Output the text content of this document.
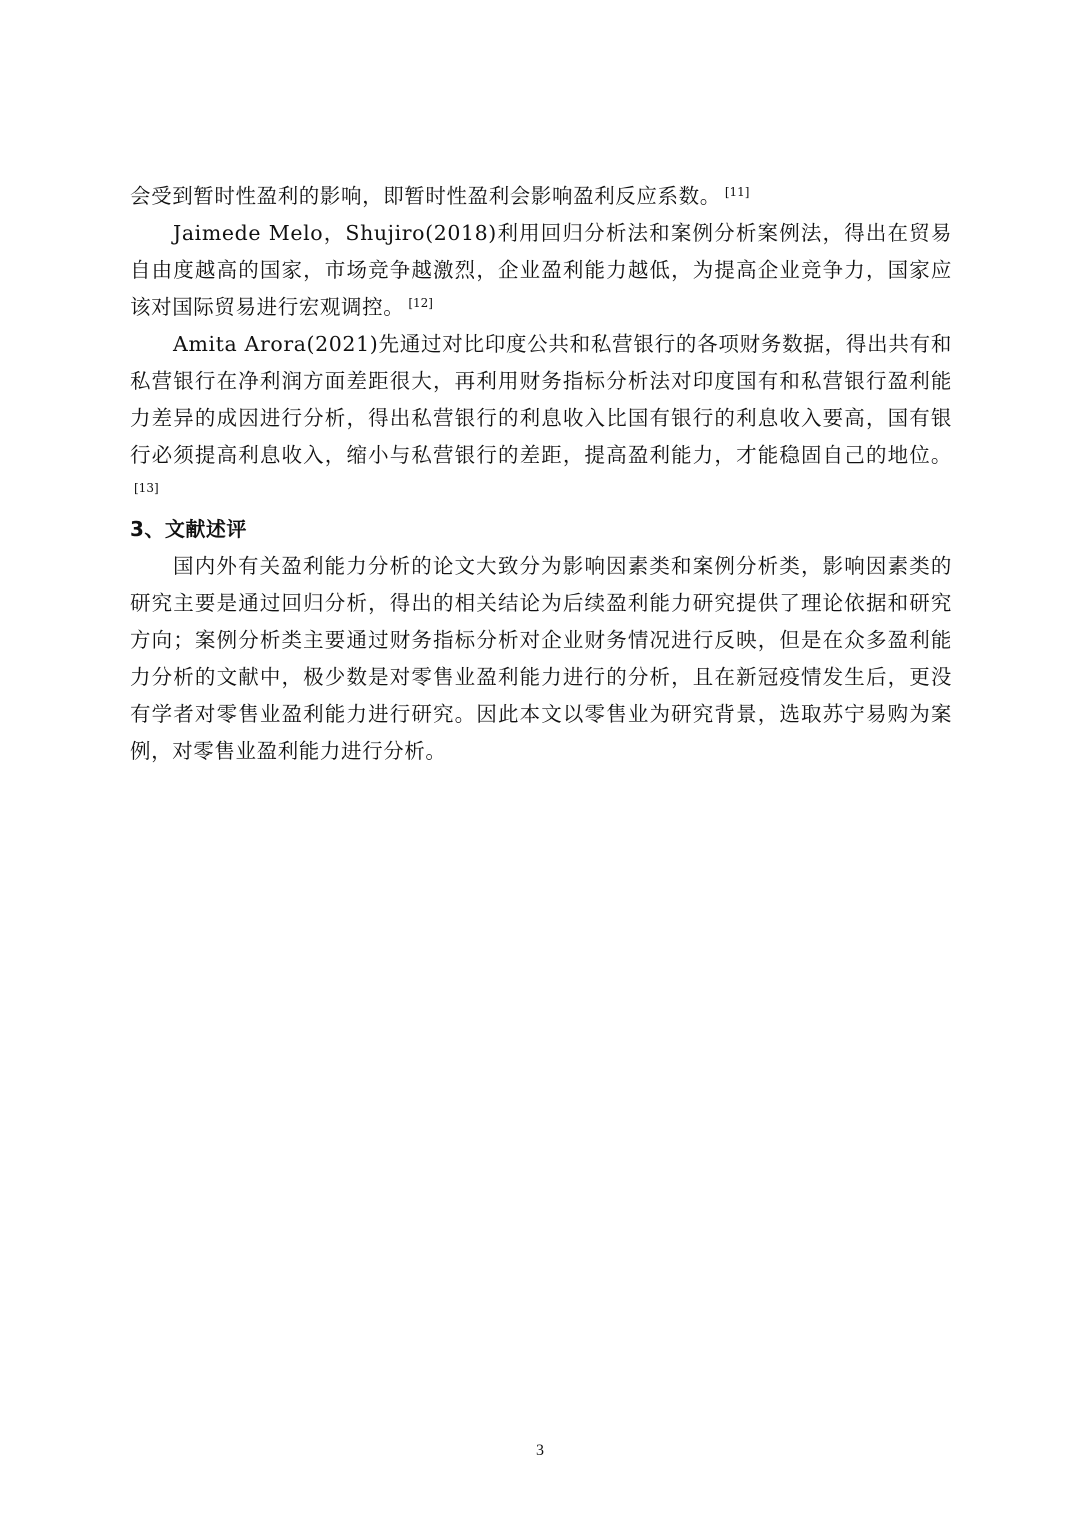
会受到暂时性盈利的影响，即暂时性盈利会影响盈利反应系数。 [11]

Jaimede Melo，Shujiro(2018)利用回归分析法和案例分析案例法，得出在贸易自由度越高的国家，市场竞争越激烈，企业盈利能力越低，为提高企业竞争力，国家应该对国际贸易进行宏观调控。 [12]

Amita Arora(2021)先通过对比印度公共和私营银行的各项财务数据，得出共有和私营银行在净利润方面差距很大，再利用财务指标分析法对印度国有和私营银行盈利能力差异的成因进行分析，得出私营银行的利息收入比国有银行的利息收入要高，国有银行必须提高利息收入，缩小与私营银行的差距，提高盈利能力，才能稳固自己的地位。[13]

3、文献述评

国内外有关盈利能力分析的论文大致分为影响因素类和案例分析类，影响因素类的研究主要是通过回归分析，得出的相关结论为后续盈利能力研究提供了理论依据和研究方向；案例分析类主要通过财务指标分析对企业财务情况进行反映，但是在众多盈利能力分析的文献中，极少数是对零售业盈利能力进行的分析，且在新冠疫情发生后，更没有学者对零售业盈利能力进行研究。因此本文以零售业为研究背景，选取苏宁易购为案例，对零售业盈利能力进行分析。

3
